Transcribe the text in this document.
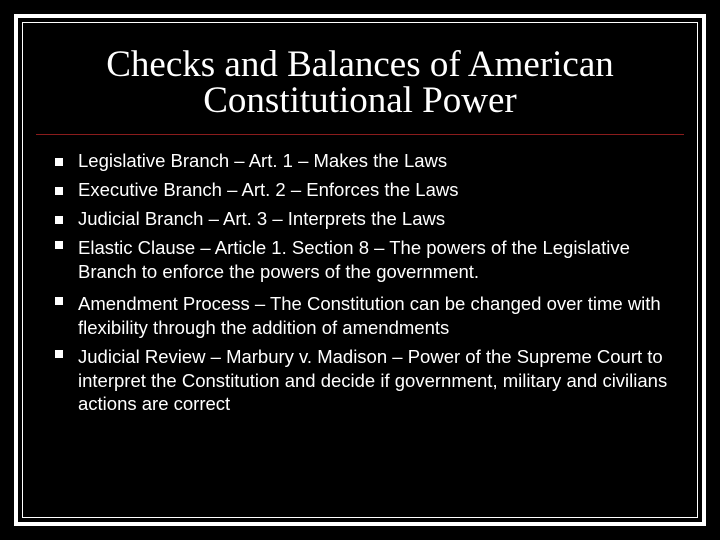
Checks and Balances of American
Constitutional Power
Legislative Branch – Art. 1 – Makes the Laws
Executive Branch – Art. 2 – Enforces the Laws
Judicial Branch – Art. 3 – Interprets the Laws
Elastic Clause – Article 1. Section 8 – The powers of the Legislative Branch to enforce the powers of the government.
Amendment Process – The Constitution can be changed over time with flexibility through the addition of amendments
Judicial Review – Marbury v. Madison – Power of the Supreme Court to interpret the Constitution and decide if government, military and civilians actions are correct
